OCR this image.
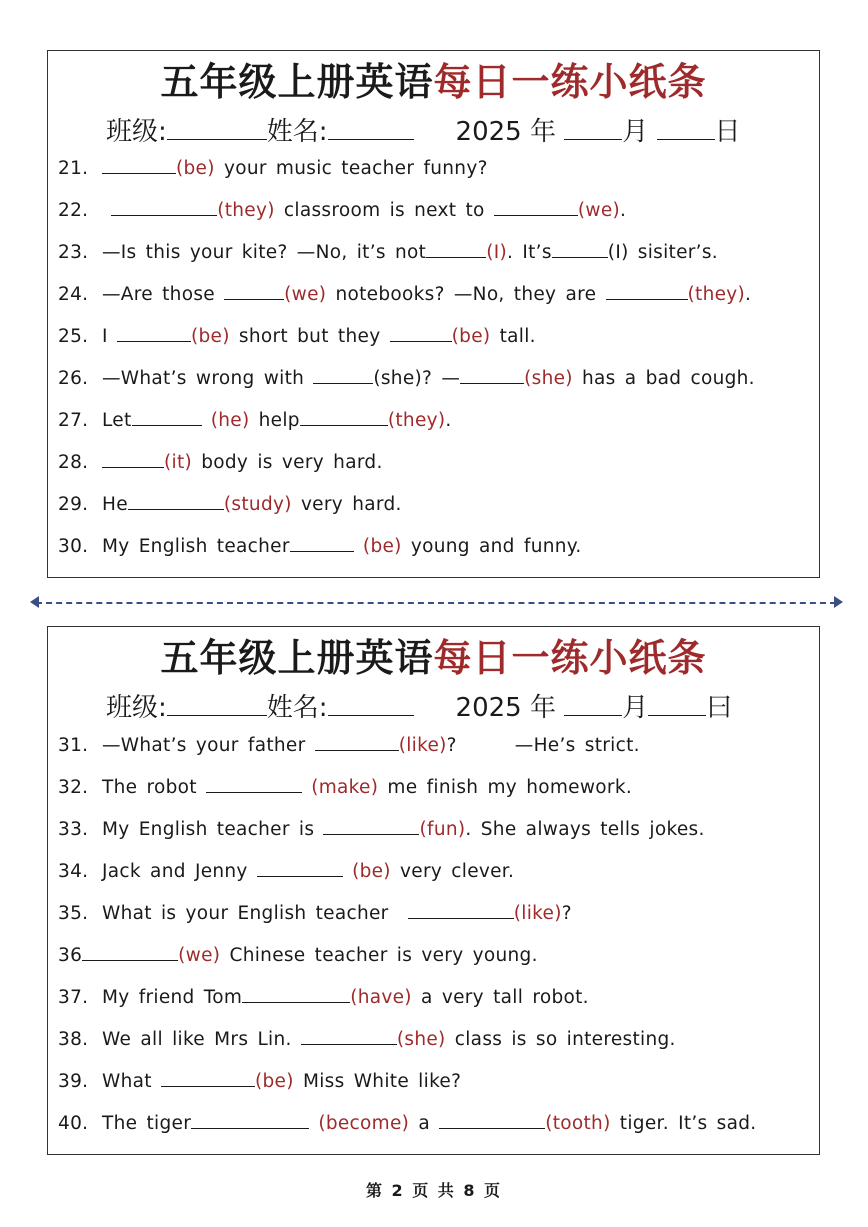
五年级上册英语每日一练小纸条
班级:	姓名:	2025 年	月	日
21.	(be) your music teacher funny?
22.	(they) classroom is next to	(we).
23. —Is this your kite? —No, it’s not	(I). It’s	(I) sisiter’s.
24. —Are those	(we) notebooks? —No, they are	(they).
25. I	(be) short but they	(be) tall.
26. —What’s wrong with	(she)? —	(she) has a bad cough.
27. Let	(he) help	(they).
28.	(it) body is very hard.
29. He	(study) very hard.
30. My English teacher	(be) young and funny.
五年级上册英语每日一练小纸条
班级:	姓名:	2025 年	月 曰
31. —What’s your father	(like)?	—He’s strict.
32. The robot	(make) me finish my homework.
33. My English teacher is	(fun). She always tells jokes.
34. Jack and Jenny	(be) very clever.
35. What is your English teacher	(like)?
36	(we) Chinese teacher is very young.
37. My friend Tom	(have) a very tall robot.
38. We all like Mrs Lin.	(she) class is so interesting.
39. What	(be) Miss White like?
40. The tiger	(become) a	(tooth) tiger. It’s sad.
第 2 页 共 8 页
